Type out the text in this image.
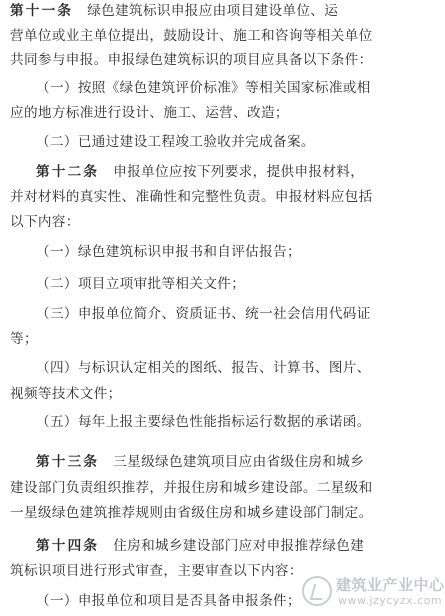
第十一条 绿色建筑标识申报应由项目建设单位、运
营单位或业主单位提出，鼓励设计、施工和咨询等相关单位
共同参与申报。申报绿色建筑标识的项目应具备以下条件：
（一）按照《绿色建筑评价标准》等相关国家标准或相
应的地方标准进行设计、施工、运营、改造；
（二）已通过建设工程竣工验收并完成备案。
第十二条 申报单位应按下列要求，提供申报材料，
并对材料的真实性、准确性和完整性负责。申报材料应包括
以下内容：
（一）绿色建筑标识申报书和自评估报告；
（二）项目立项审批等相关文件；
（三）申报单位简介、资质证书、统一社会信用代码证
等；
（四）与标识认定相关的图纸、报告、计算书、图片、
视频等技术文件；
（五）每年上报主要绿色性能指标运行数据的承诺函。
第十三条 三星级绿色建筑项目应由省级住房和城乡
建设部门负责组织推荐，并报住房和城乡建设部。二星级和
一星级绿色建筑推荐规则由省级住房和城乡建设部门制定。
第十四条 住房和城乡建设部门应对申报推荐绿色建
筑标识项目进行形式审查，主要审查以下内容：
（一）申报单位和项目是否具备申报条件；
建筑业产业中心
www.jzycyzx.com
